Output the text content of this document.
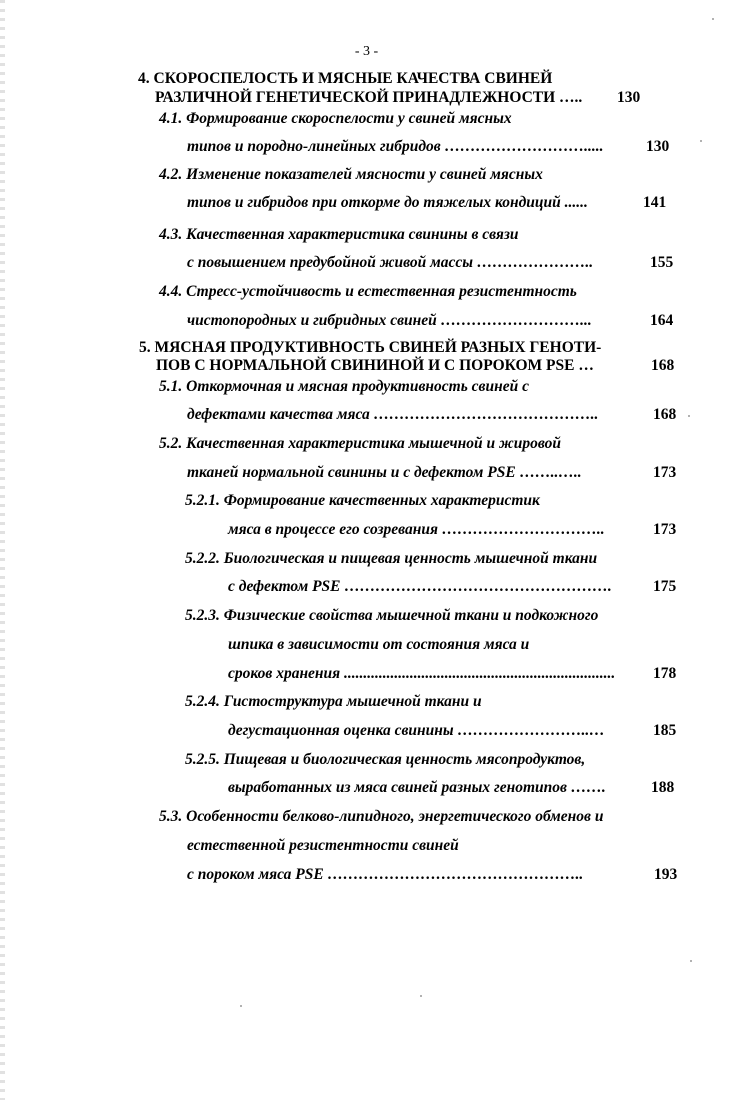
- 3 -
4. СКОРОСПЕЛОСТЬ И МЯСНЫЕ КАЧЕСТВА СВИНЕЙ
РАЗЛИЧНОЙ ГЕНЕТИЧЕСКОЙ ПРИНАДЛЕЖНОСТИ ….. 130
4.1. Формирование скороспелости у свиней мясных
типов и породно-линейных гибридов ……………………….....	130
4.2. Изменение показателей мясности у свиней мясных
типов и гибридов при откорме до тяжелых кондиций ......	141
4.3. Качественная характеристика свинины в связи
с повышением предубойной живой массы …………………..	155
4.4. Стресс-устойчивость и естественная резистентность
чистопородных и гибридных свиней ………………………...	164
5. МЯСНАЯ ПРОДУКТИВНОСТЬ СВИНЕЙ РАЗНЫХ ГЕНОТИ-
ПОВ С НОРМАЛЬНОЙ СВИНИНОЙ И С ПОРОКОМ PSE …	168
5.1. Откормочная и мясная продуктивность свиней с
дефектами качества мяса ……………………………………..	168
5.2. Качественная характеристика мышечной и жировой
тканей нормальной свинины и с дефектом PSE ……..…..	173
5.2.1. Формирование качественных характеристик
мяса в процессе его созревания …………………………..	173
5.2.2. Биологическая и пищевая ценность мышечной ткани
с дефектом PSE …………………………………………….	175
5.2.3. Физические свойства мышечной ткани и подкожного
шпика в зависимости от состояния мяса и
сроков хранения ...................................................................... 178
5.2.4. Гистоструктура мышечной ткани и
дегустационная оценка свинины ……………………..…	185
5.2.5. Пищевая и биологическая ценность мясопродуктов,
выработанных из мяса свиней разных генотипов …….	188
5.3. Особенности белково-липидного, энергетического обменов и
естественной резистентности свиней
с пороком мяса PSE …………………………………………..	193
